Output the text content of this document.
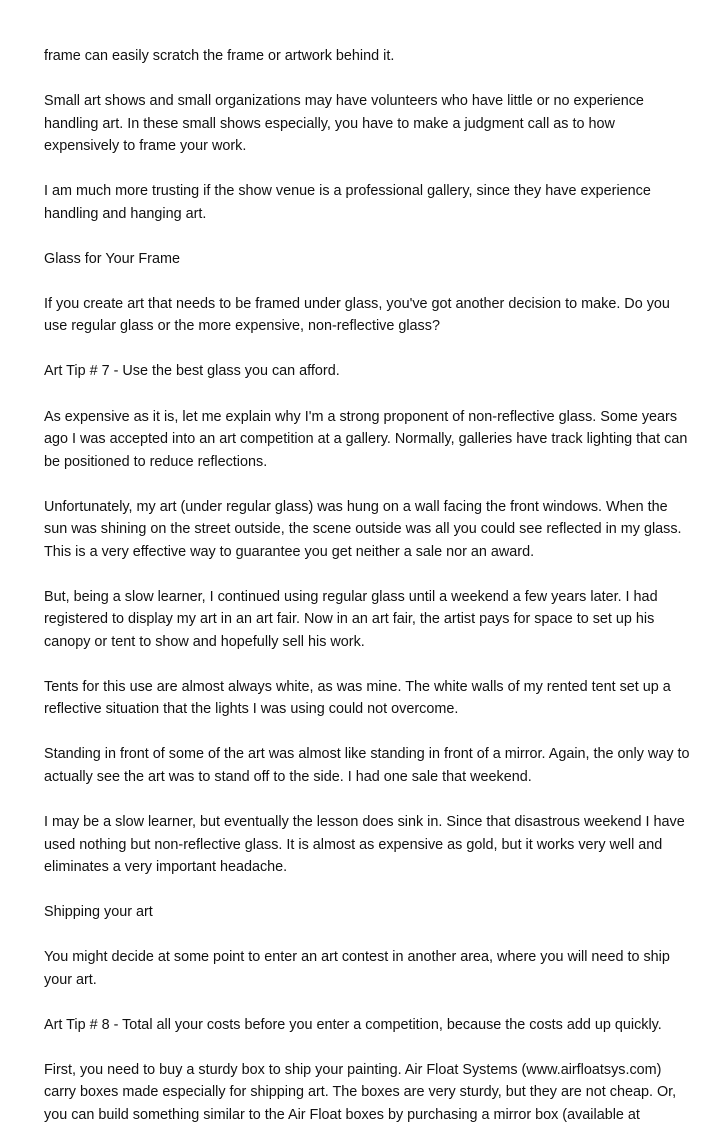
frame can easily scratch the frame or artwork behind it.

Small art shows and small organizations may have volunteers who have little or no experience handling art. In these small shows especially, you have to make a judgment call as to how expensively to frame your work.

I am much more trusting if the show venue is a professional gallery, since they have experience handling and hanging art.

Glass for Your Frame

If you create art that needs to be framed under glass, you've got another decision to make. Do you use regular glass or the more expensive, non-reflective glass?

Art Tip # 7 - Use the best glass you can afford.

As expensive as it is, let me explain why I'm a strong proponent of non-reflective glass. Some years ago I was accepted into an art competition at a gallery. Normally, galleries have track lighting that can be positioned to reduce reflections.

Unfortunately, my art (under regular glass) was hung on a wall facing the front windows. When the sun was shining on the street outside, the scene outside was all you could see reflected in my glass. This is a very effective way to guarantee you get neither a sale nor an award.

But, being a slow learner, I continued using regular glass until a weekend a few years later. I had registered to display my art in an art fair. Now in an art fair, the artist pays for space to set up his canopy or tent to show and hopefully sell his work.

Tents for this use are almost always white, as was mine. The white walls of my rented tent set up a reflective situation that the lights I was using could not overcome.

Standing in front of some of the art was almost like standing in front of a mirror. Again, the only way to actually see the art was to stand off to the side. I had one sale that weekend.

I may be a slow learner, but eventually the lesson does sink in. Since that disastrous weekend I have used nothing but non-reflective glass. It is almost as expensive as gold, but it works very well and eliminates a very important headache.

Shipping your art

You might decide at some point to enter an art contest in another area, where you will need to ship your art.

Art Tip # 8 - Total all your costs before you enter a competition, because the costs add up quickly.

First, you need to buy a sturdy box to ship your painting. Air Float Systems (www.airfloatsys.com) carry boxes made especially for shipping art. The boxes are very sturdy, but they are not cheap. Or, you can build something similar to the Air Float boxes by purchasing a mirror box (available at
